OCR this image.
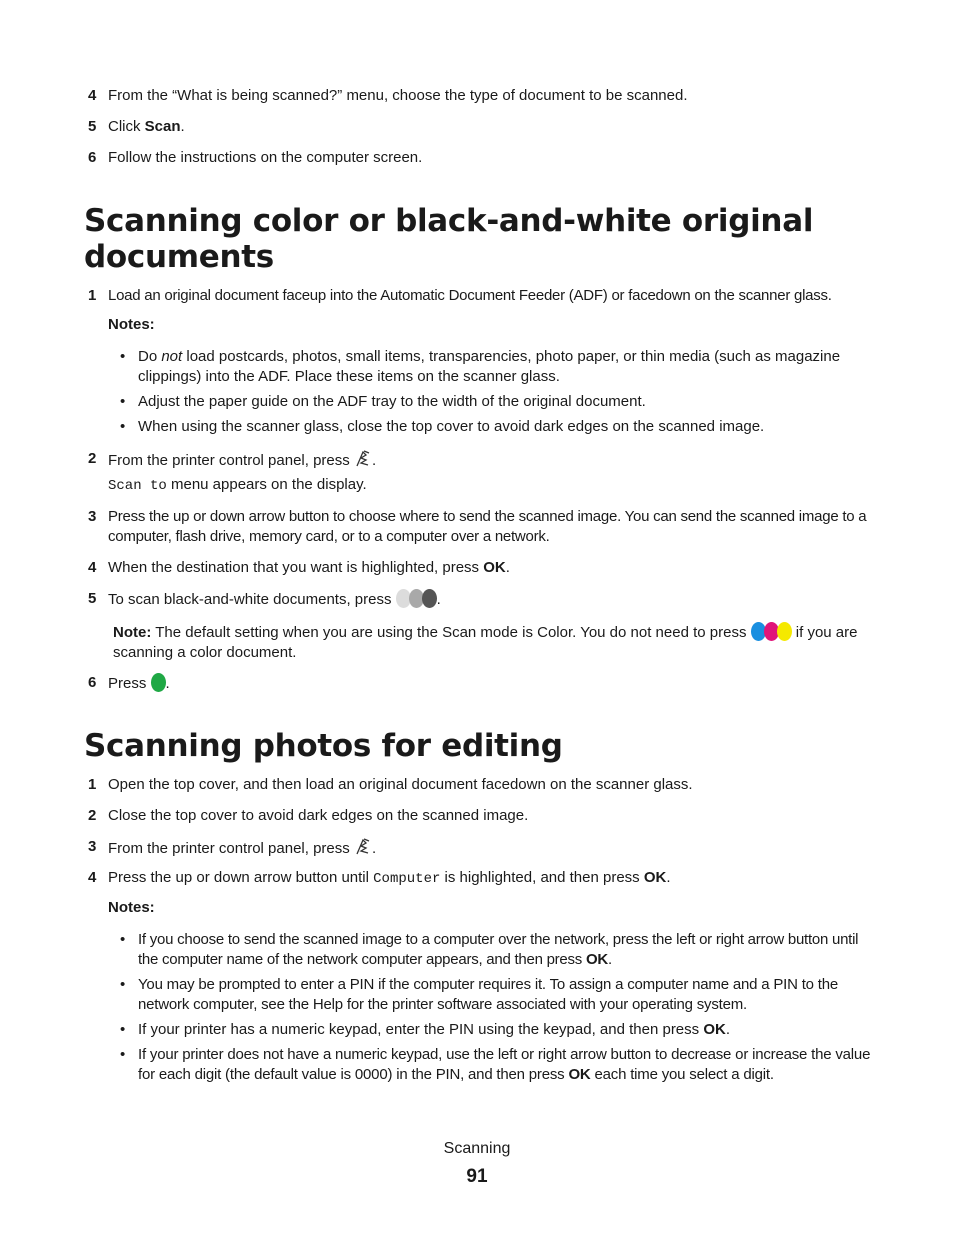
4 From the “What is being scanned?” menu, choose the type of document to be scanned.
5 Click Scan.
6 Follow the instructions on the computer screen.
Scanning color or black-and-white original
documents
1 Load an original document faceup into the Automatic Document Feeder (ADF) or facedown on the scanner glass.
Notes:
• Do not load postcards, photos, small items, transparencies, photo paper, or thin media (such as magazine clippings) into the ADF. Place these items on the scanner glass.
• Adjust the paper guide on the ADF tray to the width of the original document.
• When using the scanner glass, close the top cover to avoid dark edges on the scanned image.
2 From the printer control panel, press .
Scan to menu appears on the display.
3 Press the up or down arrow button to choose where to send the scanned image. You can send the scanned image to a computer, flash drive, memory card, or to a computer over a network.
4 When the destination that you want is highlighted, press OK.
5 To scan black-and-white documents, press	.
Note: The default setting when you are using the Scan mode is Color. You do not need to press	if you are scanning a color document.
6 Press .
Scanning photos for editing
1 Open the top cover, and then load an original document facedown on the scanner glass.
2 Close the top cover to avoid dark edges on the scanned image.
3 From the printer control panel, press .
4 Press the up or down arrow button until Computer is highlighted, and then press OK.
Notes:
• If you choose to send the scanned image to a computer over the network, press the left or right arrow button until the computer name of the network computer appears, and then press OK.
• You may be prompted to enter a PIN if the computer requires it. To assign a computer name and a PIN to the network computer, see the Help for the printer software associated with your operating system.
• If your printer has a numeric keypad, enter the PIN using the keypad, and then press OK.
• If your printer does not have a numeric keypad, use the left or right arrow button to decrease or increase the value for each digit (the default value is 0000) in the PIN, and then press OK each time you select a digit.
Scanning
91
